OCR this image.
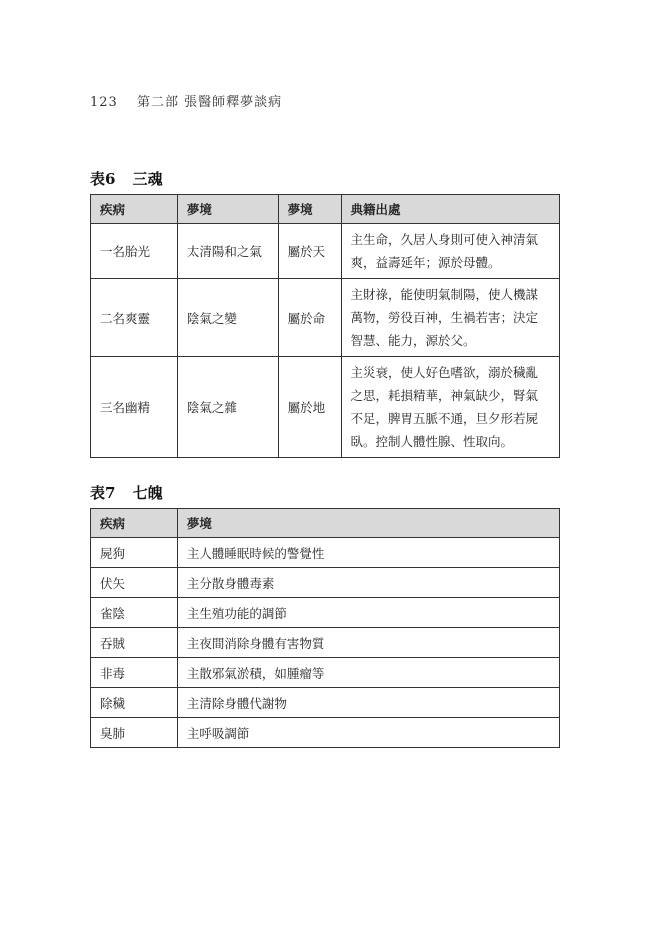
123 第二部 張醫師釋夢談病
表6 三魂
疾病	夢境	夢境	典籍出處
一名胎光	太清陽和之氣	屬於天	主生命，久居人身則可使入神清氣爽，益壽延年；源於母體。
二名爽靈	陰氣之變	屬於命	主財祿，能使明氣制陽，使人機謀萬物，勞役百神，生禍若害；決定智慧、能力，源於父。
三名幽精	陰氣之雜	屬於地	主災衰，使人好色嗜欲，溺於穢亂之思，耗損精華，神氣缺少，腎氣不足，脾胃五脈不通，旦夕形若屍臥。控制人體性腺、性取向。
表7 七魄
疾病	夢境
屍狗	主人體睡眠時候的警覺性
伏矢	主分散身體毒素
雀陰	主生殖功能的調節
吞賊	主夜間消除身體有害物質
非毒	主散邪氣淤積，如腫瘤等
除穢	主清除身體代謝物
臭肺	主呼吸調節
